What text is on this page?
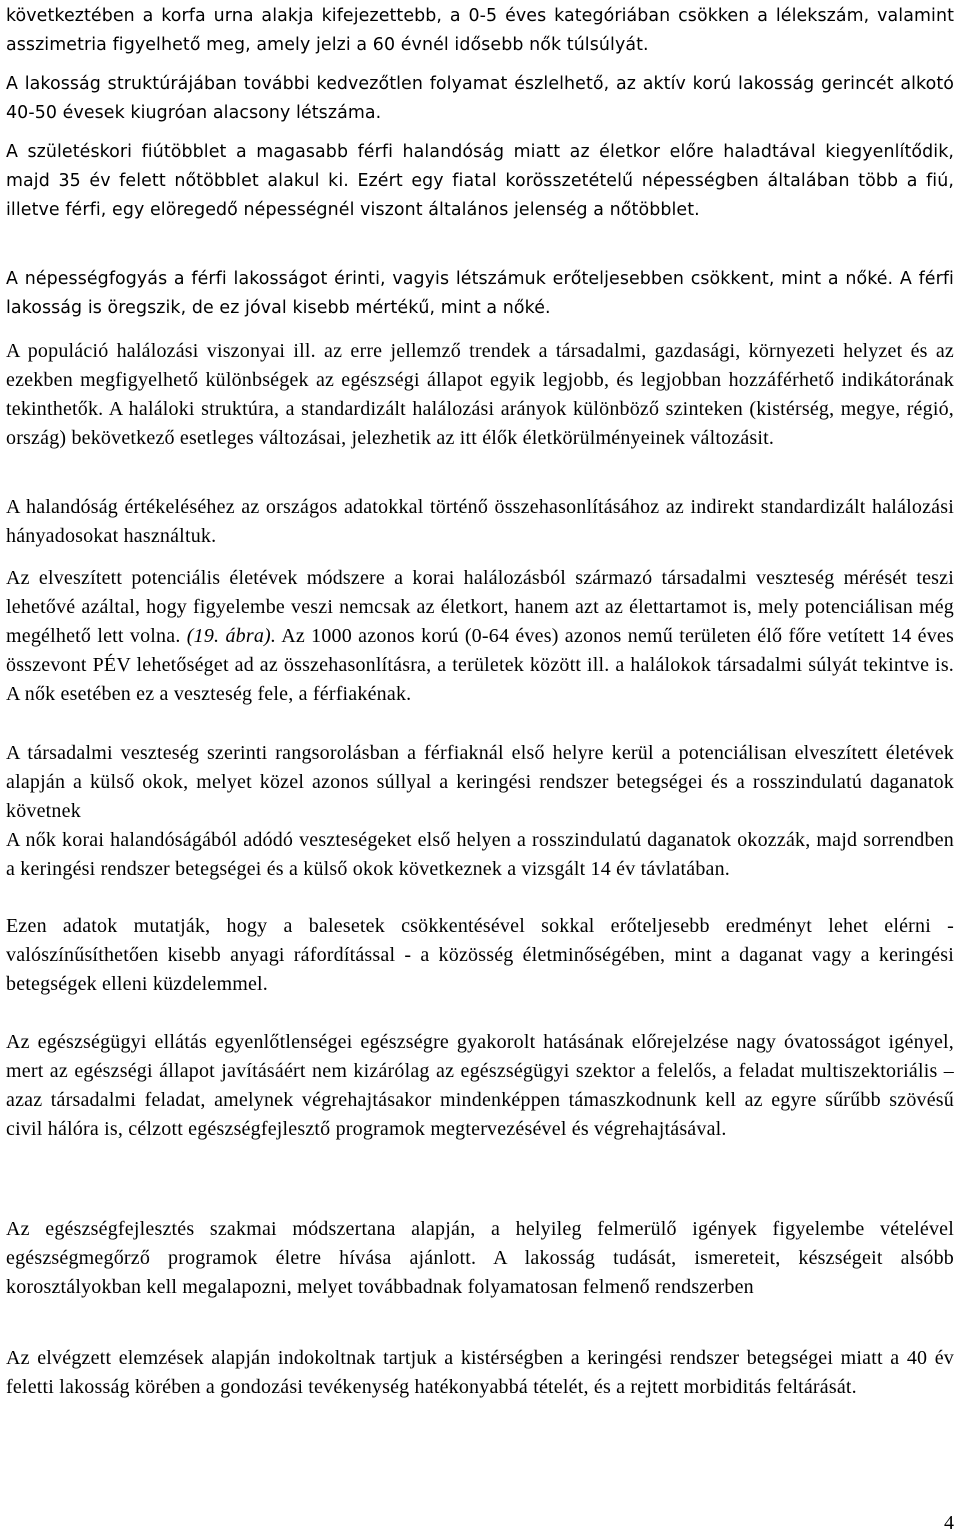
következtében a korfa urna alakja kifejezettebb, a 0-5 éves kategóriában csökken a lélekszám, valamint asszimetria figyelhető meg, amely jelzi a 60 évnél idősebb nők túlsúlyát.

A lakosság struktúrájában további kedvezőtlen folyamat észlelhető, az aktív korú lakosság gerincét alkotó 40-50 évesek kiugróan alacsony létszáma.

A születéskori fiútöbblet a magasabb férfi halandóság miatt az életkor előre haladtával kiegyenlítődik, majd 35 év felett nőtöbblet alakul ki. Ezért egy fiatal korösszetételű népességben általában több a fiú, illetve férfi, egy elöregedő népességnél viszont általános jelenség a nőtöbblet.

A népességfogyás a férfi lakosságot érinti, vagyis létszámuk erőteljesebben csökkent, mint a nőké. A férfi lakosság is öregszik, de ez jóval kisebb mértékű, mint a nőké.

A populáció halálozási viszonyai ill. az erre jellemző trendek a társadalmi, gazdasági, környezeti helyzet és az ezekben megfigyelhető különbségek az egészségi állapot egyik legjobb, és legjobban hozzáférhető indikátorának tekinthetők. A haláloki struktúra, a standardizált halálozási arányok különböző szinteken (kistérség, megye, régió, ország) bekövetkező esetleges változásai, jelezhetik az itt élők életkörülményeinek változásit.

A halandóság értékeléséhez az országos adatokkal történő összehasonlításához az indirekt standardizált halálozási hányadosokat használtuk.

Az elveszített potenciális életévek módszere a korai halálozásból származó társadalmi veszteség mérését teszi lehetővé azáltal, hogy figyelembe veszi nemcsak az életkort, hanem azt az élettartamot is, mely potenciálisan még megélhető lett volna. (19. ábra). Az 1000 azonos korú (0-64 éves) azonos nemű területen élő főre vetített 14 éves összevont PÉV lehetőséget ad az összehasonlításra, a területek között ill. a halálokok társadalmi súlyát tekintve is. A nők esetében ez a veszteség fele, a férfiakénak.

A társadalmi veszteség szerinti rangsorolásban a férfiaknál első helyre kerül a potenciálisan elveszített életévek alapján a külső okok, melyet közel azonos súllyal a keringési rendszer betegségei és a rosszindulatú daganatok követnek

A nők korai halandóságából adódó veszteségeket első helyen a rosszindulatú daganatok okozzák, majd sorrendben a keringési rendszer betegségei és a külső okok következnek a vizsgált 14 év távlatában.

Ezen adatok mutatják, hogy a balesetek csökkentésével sokkal erőteljesebb eredményt lehet elérni - valószínűsíthetően kisebb anyagi ráfordítással - a közösség életminőségében, mint a daganat vagy a keringési betegségek elleni küzdelemmel.

Az egészségügyi ellátás egyenlőtlenségei egészségre gyakorolt hatásának előrejelzése nagy óvatosságot igényel, mert az egészségi állapot javításáért nem kizárólag az egészségügyi szektor a felelős, a feladat multiszektoriális – azaz társadalmi feladat, amelynek végrehajtásakor mindenképpen támaszkodnunk kell az egyre sűrűbb szövésű civil hálóra is, célzott egészségfejlesztő programok megtervezésével és végrehajtásával.

Az egészségfejlesztés szakmai módszertana alapján, a helyileg felmerülő igények figyelembe vételével egészségmegőrző programok életre hívása ajánlott. A lakosság tudását, ismereteit, készségeit alsóbb korosztályokban kell megalapozni, melyet továbbadnak folyamatosan felmenő rendszerben

Az elvégzett elemzések alapján indokoltnak tartjuk a kistérségben a keringési rendszer betegségei miatt a 40 év feletti lakosság körében a gondozási tevékenység hatékonyabbá tételét, és a rejtett morbiditás feltárását.

4
